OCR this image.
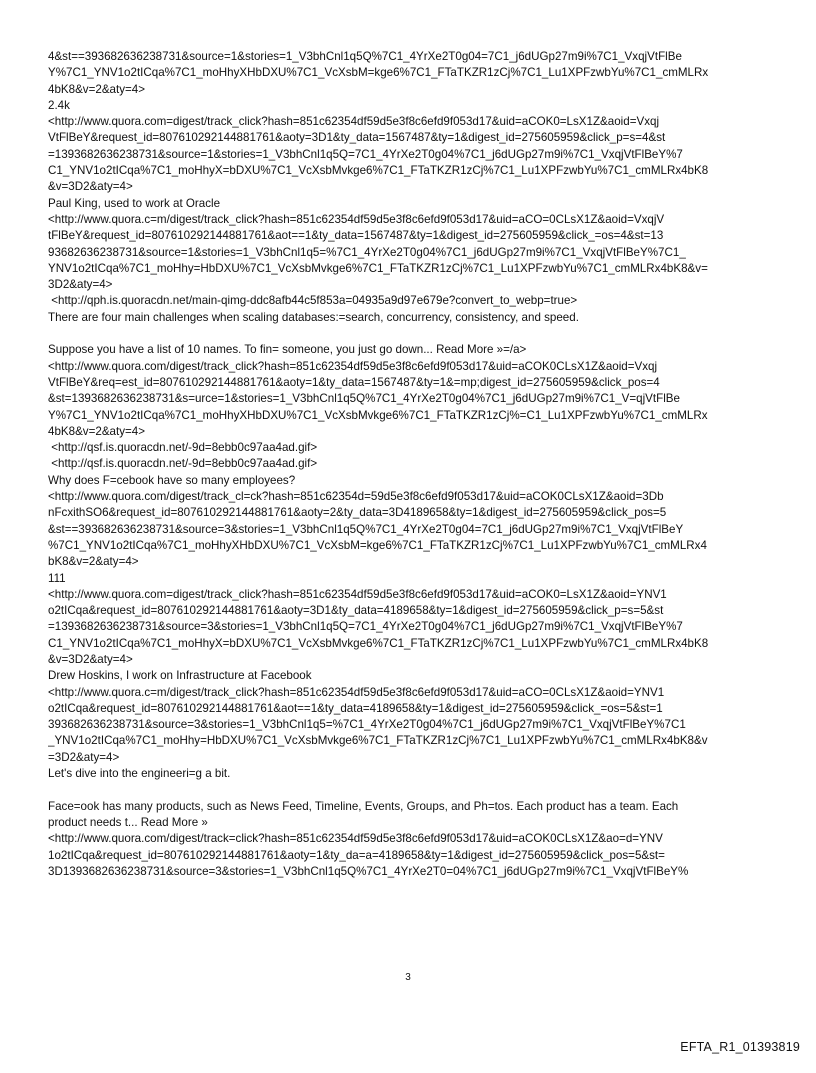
4&st==393682636238731&source=1&stories=1_V3bhCnl1q5Q%7C1_4YrXe2T0g04=7C1_j6dUGp27m9i%7C1_VxqjVtFlBe
Y%7C1_YNV1o2tICqa%7C1_moHhyXHbDXU%7C1_VcXsbM=kge6%7C1_FTaTKZR1zCj%7C1_Lu1XPFzwbYu%7C1_cmMLRx
4bK8&v=2&aty=4>
2.4k
<http://www.quora.com=digest/track_click?hash=851c62354df59d5e3f8c6efd9f053d17&uid=aCOK0=LsX1Z&aoid=Vxqj
VtFlBeY&request_id=807610292144881761&aoty=3D1&ty_data=1567487&ty=1&digest_id=275605959&click_p=s=4&st
=1393682636238731&source=1&stories=1_V3bhCnl1q5Q=7C1_4YrXe2T0g04%7C1_j6dUGp27m9i%7C1_VxqjVtFlBeY%7
C1_YNV1o2tICqa%7C1_moHhyX=bDXU%7C1_VcXsbMvkge6%7C1_FTaTKZR1zCj%7C1_Lu1XPFzwbYu%7C1_cmMLRx4bK8
&v=3D2&aty=4>
Paul King, used to work at Oracle
<http://www.quora.c=m/digest/track_click?hash=851c62354df59d5e3f8c6efd9f053d17&uid=aCO=0CLsX1Z&aoid=VxqjV
tFlBeY&request_id=807610292144881761&aot==1&ty_data=1567487&ty=1&digest_id=275605959&click_=os=4&st=13
93682636238731&source=1&stories=1_V3bhCnl1q5=%7C1_4YrXe2T0g04%7C1_j6dUGp27m9i%7C1_VxqjVtFlBeY%7C1_
YNV1o2tICqa%7C1_moHhy=HbDXU%7C1_VcXsbMvkge6%7C1_FTaTKZR1zCj%7C1_Lu1XPFzwbYu%7C1_cmMLRx4bK8&v=
3D2&aty=4>
<http://qph.is.quoracdn.net/main-qimg-ddc8afb44c5f853a=04935a9d97e679e?convert_to_webp=true>
There are four main challenges when scaling databases:=search, concurrency, consistency, and speed.
Suppose you have a list of 10 names. To fin= someone, you just go down... Read More »=/a>
<http://www.quora.com/digest/track_click?hash=851c62354df59d5e3f8c6efd9f053d17&uid=aCOK0CLsX1Z&aoid=Vxqj
VtFlBeY&req=est_id=807610292144881761&aoty=1&ty_data=1567487&ty=1&=mp;digest_id=275605959&click_pos=4
&st=1393682636238731&s=urce=1&stories=1_V3bhCnl1q5Q%7C1_4YrXe2T0g04%7C1_j6dUGp27m9i%7C1_V=qjVtFlBe
Y%7C1_YNV1o2tICqa%7C1_moHhyXHbDXU%7C1_VcXsbMvkge6%7C1_FTaTKZR1zCj%=C1_Lu1XPFzwbYu%7C1_cmMLRx
4bK8&v=2&aty=4>
<http://qsf.is.quoracdn.net/-9d=8ebb0c97aa4ad.gif>
<http://qsf.is.quoracdn.net/-9d=8ebb0c97aa4ad.gif>
Why does F=cebook have so many employees?
<http://www.quora.com/digest/track_cl=ck?hash=851c62354d=59d5e3f8c6efd9f053d17&uid=aCOK0CLsX1Z&aoid=3Db
nFcxithSO6&request_id=807610292144881761&aoty=2&ty_data=3D4189658&ty=1&digest_id=275605959&click_pos=5
&st==393682636238731&source=3&stories=1_V3bhCnl1q5Q%7C1_4YrXe2T0g04=7C1_j6dUGp27m9i%7C1_VxqjVtFlBeY
%7C1_YNV1o2tICqa%7C1_moHhyXHbDXU%7C1_VcXsbM=kge6%7C1_FTaTKZR1zCj%7C1_Lu1XPFzwbYu%7C1_cmMLRx4
bK8&v=2&aty=4>
111
<http://www.quora.com=digest/track_click?hash=851c62354df59d5e3f8c6efd9f053d17&uid=aCOK0=LsX1Z&aoid=YNV1
o2tICqa&request_id=807610292144881761&aoty=3D1&ty_data=4189658&ty=1&digest_id=275605959&click_p=s=5&st
=1393682636238731&source=3&stories=1_V3bhCnl1q5Q=7C1_4YrXe2T0g04%7C1_j6dUGp27m9i%7C1_VxqjVtFlBeY%7
C1_YNV1o2tICqa%7C1_moHhyX=bDXU%7C1_VcXsbMvkge6%7C1_FTaTKZR1zCj%7C1_Lu1XPFzwbYu%7C1_cmMLRx4bK8
&v=3D2&aty=4>
Drew Hoskins, I work on Infrastructure at Facebook
<http://www.quora.c=m/digest/track_click?hash=851c62354df59d5e3f8c6efd9f053d17&uid=aCO=0CLsX1Z&aoid=YNV1
o2tICqa&request_id=807610292144881761&aot==1&ty_data=4189658&ty=1&digest_id=275605959&click_=os=5&st=1
393682636238731&source=3&stories=1_V3bhCnl1q5=%7C1_4YrXe2T0g04%7C1_j6dUGp27m9i%7C1_VxqjVtFlBeY%7C1
_YNV1o2tICqa%7C1_moHhy=HbDXU%7C1_VcXsbMvkge6%7C1_FTaTKZR1zCj%7C1_Lu1XPFzwbYu%7C1_cmMLRx4bK8&v
=3D2&aty=4>
Let's dive into the engineeri=g a bit.
Face=ook has many products, such as News Feed, Timeline, Events, Groups, and Ph=tos. Each product has a team. Each
product needs t... Read More »
<http://www.quora.com/digest/track=click?hash=851c62354df59d5e3f8c6efd9f053d17&uid=aCOK0CLsX1Z&ao=d=YNV
1o2tICqa&request_id=807610292144881761&aoty=1&ty_da=a=4189658&ty=1&digest_id=275605959&click_pos=5&st=
3D1393682636238731&source=3&stories=1_V3bhCnl1q5Q%7C1_4YrXe2T0=04%7C1_j6dUGp27m9i%7C1_VxqjVtFlBeY%
3
EFTA_R1_01393819
